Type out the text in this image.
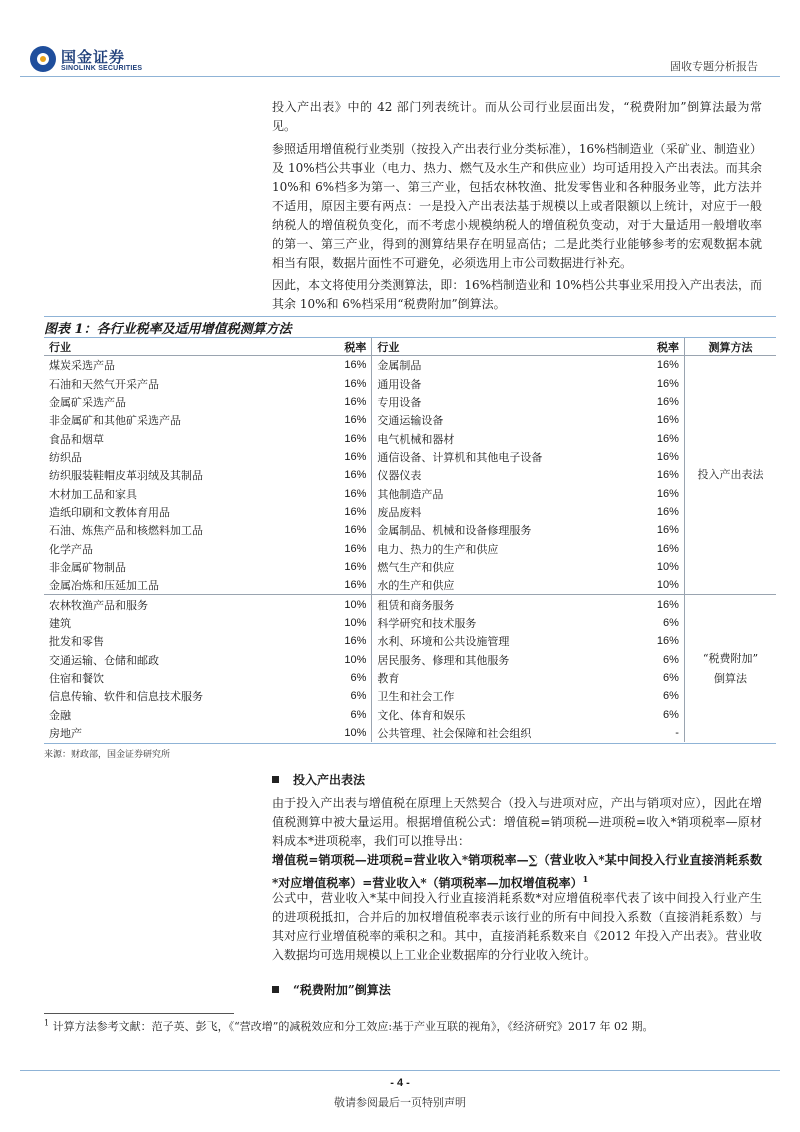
国金证券
SINOLINK SECURITIES	固收专题分析报告

投入产出表》中的 42 部门列表统计。而从公司行业层面出发，“税费附加”倒算法最为常见。

参照适用增值税行业类别（按投入产出表行业分类标准），16%档制造业（采矿业、制造业）及 10%档公共事业（电力、热力、燃气及水生产和供应业）均可适用投入产出表法。而其余 10%和 6%档多为第一、第三产业，包括农林牧渔、批发零售业和各种服务业等，此方法并不适用，原因主要有两点：一是投入产出表法基于规模以上或者限额以上统计，对应于一般纳税人的增值税负变化，而不考虑小规模纳税人的增值税负变动，对于大量适用一般增收率的第一、第三产业，得到的测算结果存在明显高估；二是此类行业能够参考的宏观数据本就相当有限，数据片面性不可避免，必须选用上市公司数据进行补充。

因此，本文将使用分类测算法，即：16%档制造业和 10%档公共事业采用投入产出表法，而其余 10%和 6%档采用“税费附加”倒算法。

图表 1：各行业税率及适用增值税测算方法
行业	税率	行业	税率	测算方法
煤炭采选产品	16%	金属制品	16%	投入产出表法
石油和天然气开采产品	16%	通用设备	16%	
金属矿采选产品	16%	专用设备	16%	
非金属矿和其他矿采选产品	16%	交通运输设备	16%	
食品和烟草	16%	电气机械和器材	16%	
纺织品	16%	通信设备、计算机和其他电子设备	16%	
纺织服装鞋帽皮革羽绒及其制品	16%	仪器仪表	16%	
木材加工品和家具	16%	其他制造产品	16%	
造纸印刷和文教体育用品	16%	废品废料	16%	
石油、炼焦产品和核燃料加工品	16%	金属制品、机械和设备修理服务	16%	
化学产品	16%	电力、热力的生产和供应	16%	
非金属矿物制品	16%	燃气生产和供应	10%	
金属冶炼和压延加工品	16%	水的生产和供应	10%	
农林牧渔产品和服务	10%	租赁和商务服务	16%	“税费附加”
倒算法
建筑	10%	科学研究和技术服务	6%	
批发和零售	16%	水利、环境和公共设施管理	16%	
交通运输、仓储和邮政	10%	居民服务、修理和其他服务	6%	
住宿和餐饮	6%	教育	6%	
信息传输、软件和信息技术服务	6%	卫生和社会工作	6%	
金融	6%	文化、体育和娱乐	6%	
房地产	10%	公共管理、社会保障和社会组织	-	
来源：财政部，国金证券研究所
投入产出表法

由于投入产出表与增值税在原理上天然契合（投入与进项对应，产出与销项对应），因此在增值税测算中被大量运用。根据增值税公式：增值税=销项税—进项税=收入*销项税率—原材料成本*进项税率，我们可以推导出：

增值税=销项税—进项税=营业收入*销项税率—∑（营业收入*某中间投入行业直接消耗系数*对应增值税率）=营业收入*（销项税率—加权增值税率）$^1$

公式中，营业收入*某中间投入行业直接消耗系数*对应增值税率代表了该中间投入行业产生的进项税抵扣，合并后的加权增值税率表示该行业的所有中间投入系数（直接消耗系数）与其对应行业增值税率的乘积之和。其中，直接消耗系数来自《2012 年投入产出表》。营业收入数据均可选用规模以上工业企业数据库的分行业收入统计。

“税费附加”倒算法
$^1$ 计算方法参考文献：范子英、彭飞，《“营改增”的减税效应和分工效应:基于产业互联的视角》，《经济研究》2017 年 02 期。
- 4 -
敬请参阅最后一页特别声明
